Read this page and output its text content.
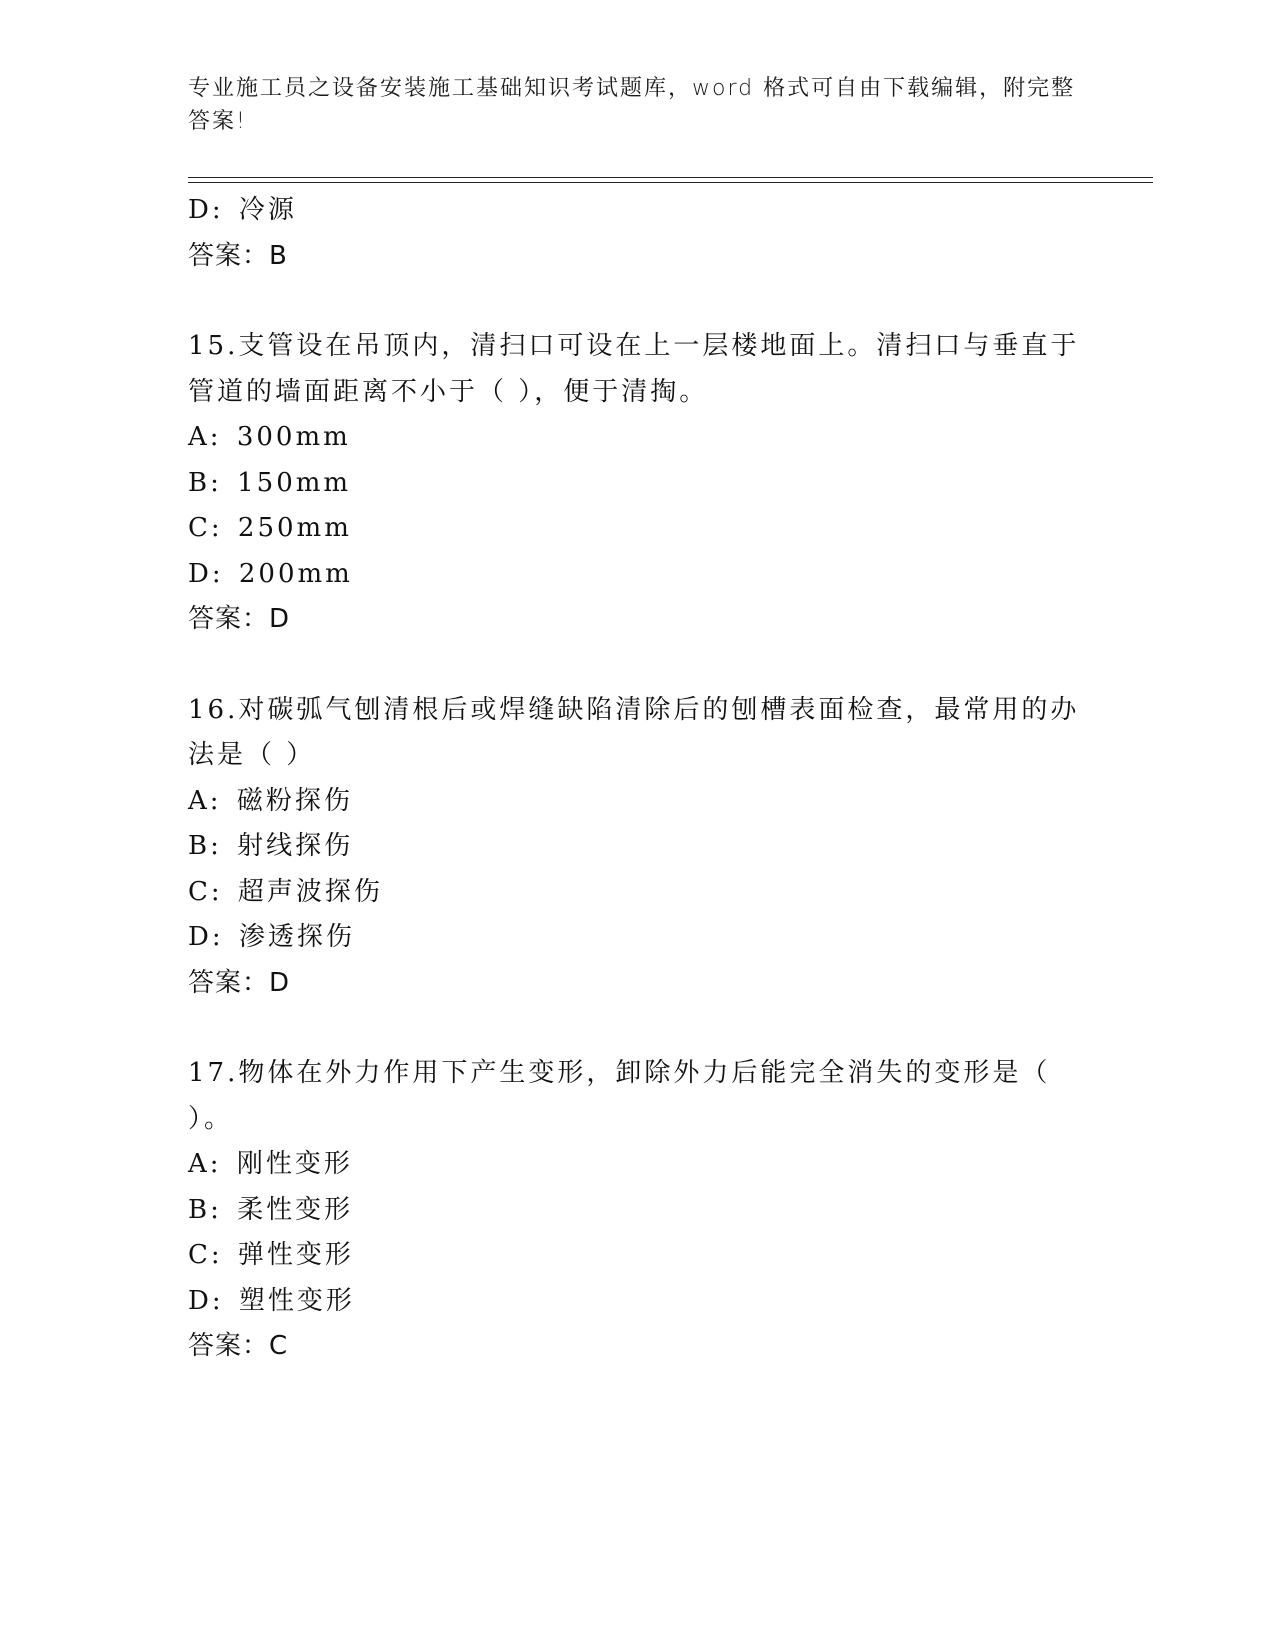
专业施工员之设备安装施工基础知识考试题库，word 格式可自由下载编辑，附完整答案!
D: 冷源
答案：B
15.支管设在吊顶内，清扫口可设在上一层楼地面上。清扫口与垂直于管道的墙面距离不小于（ ），便于清掏。
A: 300mm
B: 150mm
C: 250mm
D: 200mm
答案：D
16.对碳弧气刨清根后或焊缝缺陷清除后的刨槽表面检查，最常用的办法是（ ）
A: 磁粉探伤
B: 射线探伤
C: 超声波探伤
D: 渗透探伤
答案：D
17.物体在外力作用下产生变形，卸除外力后能完全消失的变形是（ ）。
A: 刚性变形
B: 柔性变形
C: 弹性变形
D: 塑性变形
答案：C
